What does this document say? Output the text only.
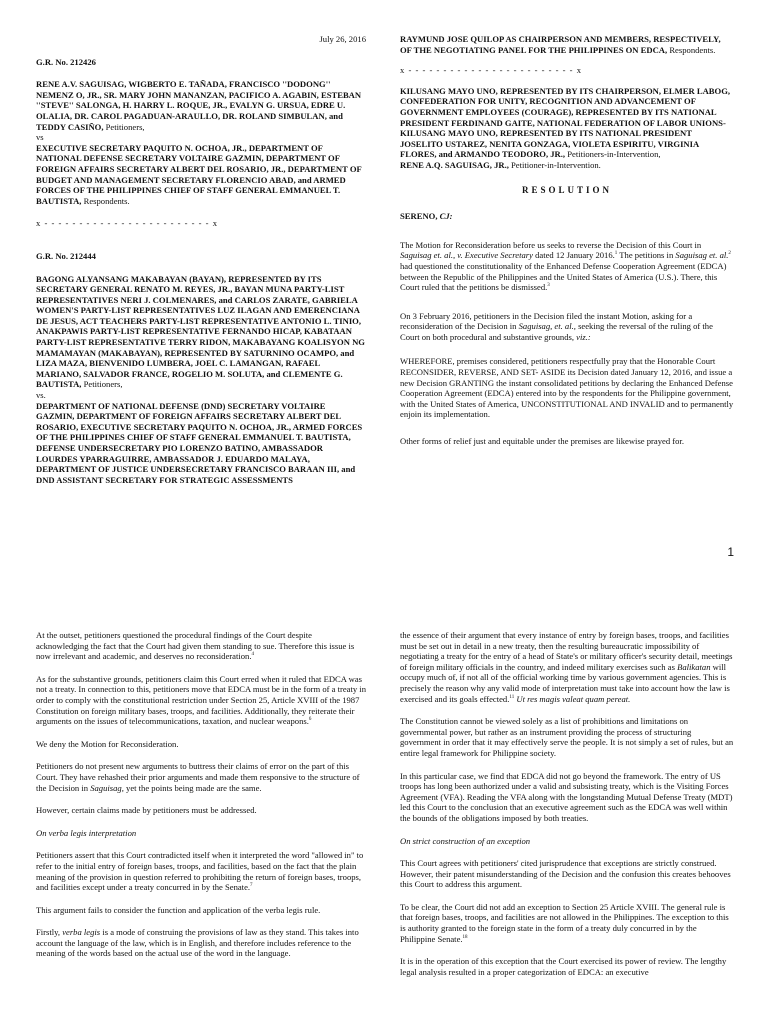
July 26, 2016

G.R. No. 212426

RENE A.V. SAGUISAG, WIGBERTO E. TAÑADA, FRANCISCO ''DODONG'' NEMENZ O, JR., SR. MARY JOHN MANANZAN, PACIFICO A. AGABIN, ESTEBAN ''STEVE'' SALONGA, H. HARRY L. ROQUE, JR., EVALYN G. URSUA, EDRE U. OLALIA, DR. CAROL PAGADUAN-ARAULLO, DR. ROLAND SIMBULAN, and TEDDY CASIÑO, Petitioners,
vs

EXECUTIVE SECRETARY PAQUITO N. OCHOA, JR., DEPARTMENT OF NATIONAL DEFENSE SECRETARY VOLTAIRE GAZMIN, DEPARTMENT OF FOREIGN AFFAIRS SECRETARY ALBERT DEL ROSARIO, JR., DEPARTMENT OF BUDGET AND MANAGEMENT SECRETARY FLORENCIO ABAD, and ARMED FORCES OF THE PHILIPPINES CHIEF OF STAFF GENERAL EMMANUEL T. BAUTISTA, Respondents.

x - - - - - - - - - - - - - - - - - - - - - - - - x

G.R. No. 212444

BAGONG ALYANSANG MAKABAYAN (BAYAN), REPRESENTED BY ITS SECRETARY GENERAL RENATO M. REYES, JR., BAYAN MUNA PARTY-LIST REPRESENTATIVES NERI J. COLMENARES, and CARLOS ZARATE, GABRIELA WOMEN'S PARTY-LIST REPRESENTATIVES LUZ ILAGAN AND EMERENCIANA DE JESUS, ACT TEACHERS PARTY-LIST REPRESENTATIVE ANTONIO L. TINIO, ANAKPAWIS PARTY-LIST REPRESENTATIVE FERNANDO HICAP, KABATAAN PARTY-LIST REPRESENTATIVE TERRY RIDON, MAKABAYANG KOALISYON NG MAMAMAYAN (MAKABAYAN), REPRESENTED BY SATURNINO OCAMPO, and LIZA MAZA, BIENVENIDO LUMBERA, JOEL C. LAMANGAN, RAFAEL MARIANO, SALVADOR FRANCE, ROGELIO M. SOLUTA, and CLEMENTE G. BAUTISTA, Petitioners,
vs.
DEPARTMENT OF NATIONAL DEFENSE (DND) SECRETARY VOLTAIRE GAZMIN, DEPARTMENT OF FOREIGN AFFAIRS SECRETARY ALBERT DEL ROSARIO, EXECUTIVE SECRETARY PAQUITO N. OCHOA, JR., ARMED FORCES OF THE PHILIPPINES CHIEF OF STAFF GENERAL EMMANUEL T. BAUTISTA, DEFENSE UNDERSECRETARY PIO LORENZO BATINO, AMBASSADOR LOURDES YPARRAGUIRRE, AMBASSADOR J. EDUARDO MALAYA, DEPARTMENT OF JUSTICE UNDERSECRETARY FRANCISCO BARAAN III, and DND ASSISTANT SECRETARY FOR STRATEGIC ASSESSMENTS

RAYMUND JOSE QUILOP AS CHAIRPERSON AND MEMBERS, RESPECTIVELY, OF THE NEGOTIATING PANEL FOR THE PHILIPPINES ON EDCA, Respondents.

x - - - - - - - - - - - - - - - - - - - - - - - - x

KILUSANG MAYO UNO, REPRESENTED BY ITS CHAIRPERSON, ELMER LABOG, CONFEDERATION FOR UNITY, RECOGNITION AND ADVANCEMENT OF GOVERNMENT EMPLOYEES (COURAGE), REPRESENTED BY ITS NATIONAL PRESIDENT FERDINAND GAITE, NATIONAL FEDERATION OF LABOR UNIONS-KILUSANG MAYO UNO, REPRESENTED BY ITS NATIONAL PRESIDENT JOSELITO USTAREZ, NENITA GONZAGA, VIOLETA ESPIRITU, VIRGINIA FLORES, and ARMANDO TEODORO, JR., Petitioners-in-Intervention,

RENE A.Q. SAGUISAG, JR., Petitioner-in-Intervention.

RESOLUTION

SERENO, CJ:

The Motion for Reconsideration before us seeks to reverse the Decision of this Court in Saguisag et. al., v. Executive Secretary dated 12 January 2016.$^1$ The petitions in Saguisag et. al.$^2$ had questioned the constitutionality of the Enhanced Defense Cooperation Agreement (EDCA) between the Republic of the Philippines and the United States of America (U.S.). There, this Court ruled that the petitions be dismissed.$^3$

On 3 February 2016, petitioners in the Decision filed the instant Motion, asking for a reconsideration of the Decision in Saguisag, et. al., seeking the reversal of the ruling of the Court on both procedural and substantive grounds, viz.:

WHEREFORE, premises considered, petitioners respectfully pray that the Honorable Court RECONSIDER, REVERSE, AND SET- ASIDE its Decision dated January 12, 2016, and issue a new Decision GRANTING the instant consolidated petitions by declaring the Enhanced Defense Cooperation Agreement (EDCA) entered into by the respondents for the Philippine government, with the United States of America, UNCONSTITUTIONAL AND INVALID and to permanently enjoin its implementation.

Other forms of relief just and equitable under the premises are likewise prayed for.

1

At the outset, petitioners questioned the procedural findings of the Court despite acknowledging the fact that the Court had given them standing to sue. Therefore this issue is now irrelevant and academic, and deserves no reconsideration.$^4$

As for the substantive grounds, petitioners claim this Court erred when it ruled that EDCA was not a treaty. In connection to this, petitioners move that EDCA must be in the form of a treaty in order to comply with the constitutional restriction under Section 25, Article XVIII of the 1987 Constitution on foreign military bases, troops, and facilities. Additionally, they reiterate their arguments on the issues of telecommunications, taxation, and nuclear weapons.$^6$

We deny the Motion for Reconsideration.

Petitioners do not present new arguments to buttress their claims of error on the part of this Court. They have rehashed their prior arguments and made them responsive to the structure of the Decision in Saguisag, yet the points being made are the same.

However, certain claims made by petitioners must be addressed.

On verba legis interpretation

Petitioners assert that this Court contradicted itself when it interpreted the word "allowed in" to refer to the initial entry of foreign bases, troops, and facilities, based on the fact that the plain meaning of the provision in question referred to prohibiting the return of foreign bases, troops, and facilities except under a treaty concurred in by the Senate.$^7$

This argument fails to consider the function and application of the verba legis rule.

Firstly, verba legis is a mode of construing the provisions of law as they stand. This takes into account the language of the law, which is in English, and therefore includes reference to the meaning of the words based on the actual use of the word in the language.

the essence of their argument that every instance of entry by foreign bases, troops, and facilities must be set out in detail in a new treaty, then the resulting bureaucratic impossibility of negotiating a treaty for the entry of a head of State's or military officer's security detail, meetings of foreign military officials in the country, and indeed military exercises such as Balikatan will occupy much of, if not all of the official working time by various government agencies. This is precisely the reason why any valid mode of interpretation must take into account how the law is exercised and its goals effected.$^{11}$ Ut res magis valeat quam pereat.

The Constitution cannot be viewed solely as a list of prohibitions and limitations on governmental power, but rather as an instrument providing the process of structuring government in order that it may effectively serve the people. It is not simply a set of rules, but an entire legal framework for Philippine society.

In this particular case, we find that EDCA did not go beyond the framework. The entry of US troops has long been authorized under a valid and subsisting treaty, which is the Visiting Forces Agreement (VFA). Reading the VFA along with the longstanding Mutual Defense Treaty (MDT) led this Court to the conclusion that an executive agreement such as the EDCA was well within the bounds of the obligations imposed by both treaties.

On strict construction of an exception

This Court agrees with petitioners' cited jurisprudence that exceptions are strictly construed. However, their patent misunderstanding of the Decision and the confusion this creates behooves this Court to address this argument.

To be clear, the Court did not add an exception to Section 25 Article XVIII. The general rule is that foreign bases, troops, and facilities are not allowed in the Philippines. The exception to this is authority granted to the foreign state in the form of a treaty duly concurred in by the Philippine Senate.$^{18}$

It is in the operation of this exception that the Court exercised its power of review. The lengthy legal analysis resulted in a proper categorization of EDCA: an executive
